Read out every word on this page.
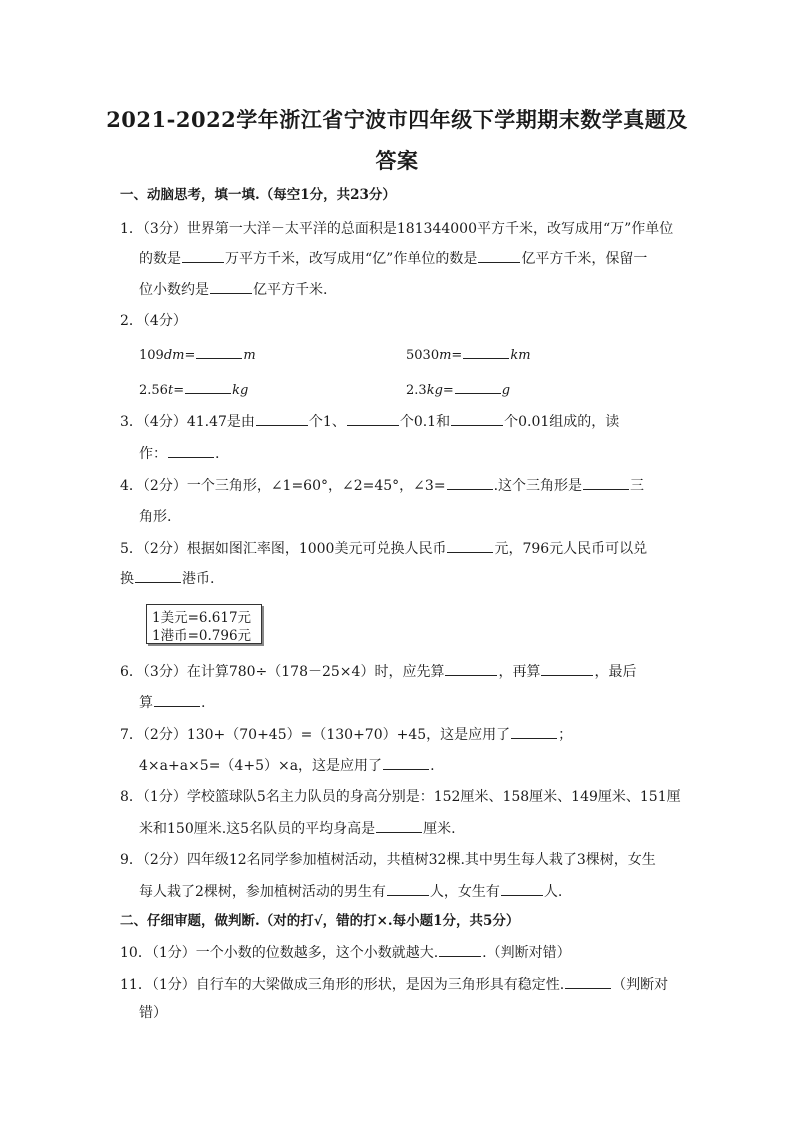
2021-2022学年浙江省宁波市四年级下学期期末数学真题及
答案
一、动脑思考，填一填.（每空1分，共23分）
1．（3分）世界第一大洋－太平洋的总面积是181344000平方千米，改写成用“万”作单位
的数是	万平方千米，改写成用“亿”作单位的数是	亿平方千米，保留一
位小数约是	亿平方千米.
2．（4分）
109dm=	m	5030m=	km
2.56t=	kg	2.3kg=	g
3．（4分）41.47是由	个1、	个0.1和	个0.01组成的，读
作：	.
4．（2分）一个三角形，∠1=60°，∠2=45°，∠3=	.这个三角形是	三
角形.
5．（2分）根据如图汇率图，1000美元可兑换人民币	元，796元人民币可以兑
换	港币.
1美元=6.617元
1港币=0.796元
6．（3分）在计算780÷（178－25×4）时，应先算	，再算	，最后
算	.
7．（2分）130+（70+45）=（130+70）+45，这是应用了	；
4×a+a×5=（4+5）×a，这是应用了	.
8．（1分）学校篮球队5名主力队员的身高分别是：152厘米、158厘米、149厘米、151厘
米和150厘米.这5名队员的平均身高是	厘米.
9．（2分）四年级12名同学参加植树活动，共植树32棵.其中男生每人栽了3棵树，女生
每人栽了2棵树，参加植树活动的男生有	人，女生有	人.
二、仔细审题，做判断.（对的打√，错的打×.每小题1分，共5分）
10．（1分）一个小数的位数越多，这个小数就越大.	.（判断对错）
11．（1分）自行车的大梁做成三角形的形状，是因为三角形具有稳定性.	（判断对
错）
